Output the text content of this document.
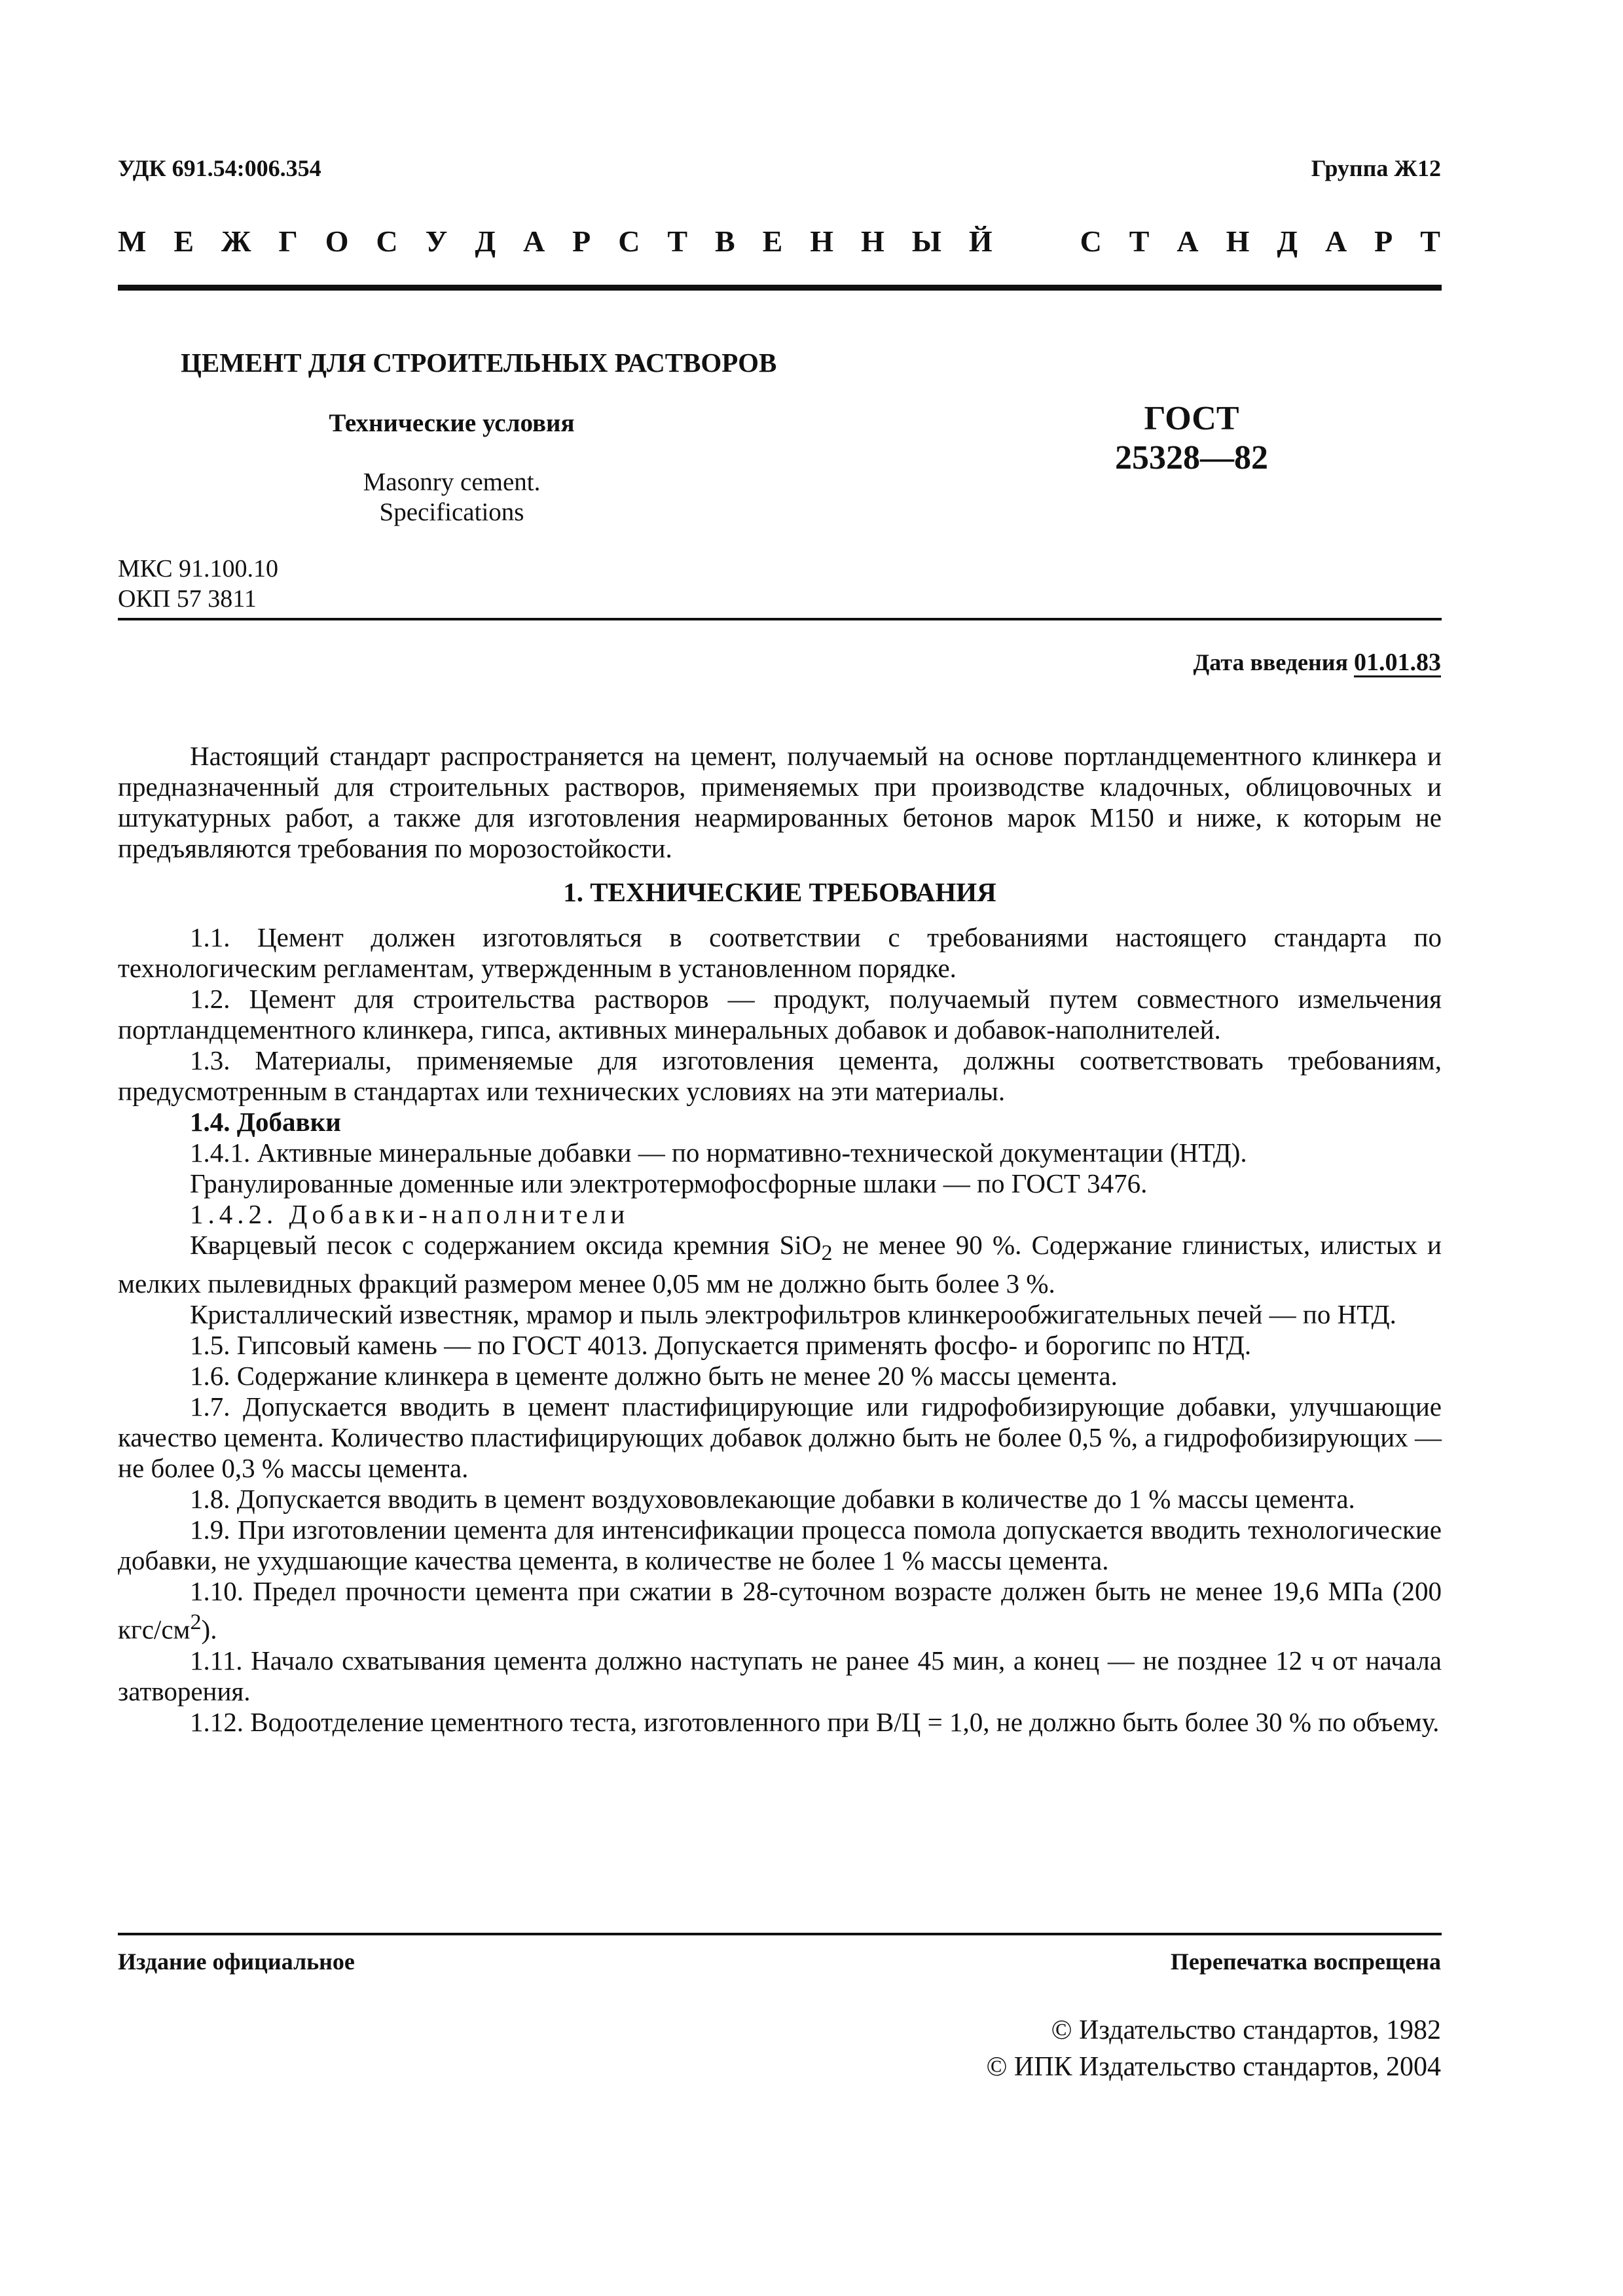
УДК 691.54:006.354	Группа Ж12
М Е Ж Г О С У Д А Р С Т В Е Н Н Ы Й	С Т А Н Д А Р Т
ЦЕМЕНТ ДЛЯ СТРОИТЕЛЬНЫХ РАСТВОРОВ
Технические условия
Masonry cement.
Specifications
ГОСТ
25328—82
МКС 91.100.10
ОКП 57 3811
Дата введения 01.01.83

Настоящий стандарт распространяется на цемент, получаемый на основе портландцементного клинкера и предназначенный для строительных растворов, применяемых при производстве кладочных, облицовочных и штукатурных работ, а также для изготовления неармированных бетонов марок М150 и ниже, к которым не предъявляются требования по морозостойкости.

1. ТЕХНИЧЕСКИЕ ТРЕБОВАНИЯ

1.1. Цемент должен изготовляться в соответствии с требованиями настоящего стандарта по технологическим регламентам, утвержденным в установленном порядке.

1.2. Цемент для строительства растворов — продукт, получаемый путем совместного измельчения портландцементного клинкера, гипса, активных минеральных добавок и добавок-наполнителей.

1.3. Материалы, применяемые для изготовления цемента, должны соответствовать требованиям, предусмотренным в стандартах или технических условиях на эти материалы.

1.4. Добавки

1.4.1. Активные минеральные добавки — по нормативно-технической документации (НТД).

Гранулированные доменные или электротермофосфорные шлаки — по ГОСТ 3476.

1.4.2. Добавки-наполнители

Кварцевый песок с содержанием оксида кремния SiO$_2$ не менее 90 %. Содержание глинистых, илистых и мелких пылевидных фракций размером менее 0,05 мм не должно быть более 3 %.

Кристаллический известняк, мрамор и пыль электрофильтров клинкерообжигательных печей — по НТД.

1.5. Гипсовый камень — по ГОСТ 4013. Допускается применять фосфо- и борогипс по НТД.

1.6. Содержание клинкера в цементе должно быть не менее 20 % массы цемента.

1.7. Допускается вводить в цемент пластифицирующие или гидрофобизирующие добавки, улучшающие качество цемента. Количество пластифицирующих добавок должно быть не более 0,5 %, а гидрофобизирующих — не более 0,3 % массы цемента.

1.8. Допускается вводить в цемент воздухововлекающие добавки в количестве до 1 % массы цемента.

1.9. При изготовлении цемента для интенсификации процесса помола допускается вводить технологические добавки, не ухудшающие качества цемента, в количестве не более 1 % массы цемента.

1.10. Предел прочности цемента при сжатии в 28-суточном возрасте должен быть не менее 19,6 МПа (200 кгс/$см^2$).

1.11. Начало схватывания цемента должно наступать не ранее 45 мин, а конец — не позднее 12 ч от начала затворения.

1.12. Водоотделение цементного теста, изготовленного при В/Ц = 1,0, не должно быть более 30 % по объему.

Издание официальное	Перепечатка воспрещена
© Издательство стандартов, 1982
© ИПК Издательство стандартов, 2004
